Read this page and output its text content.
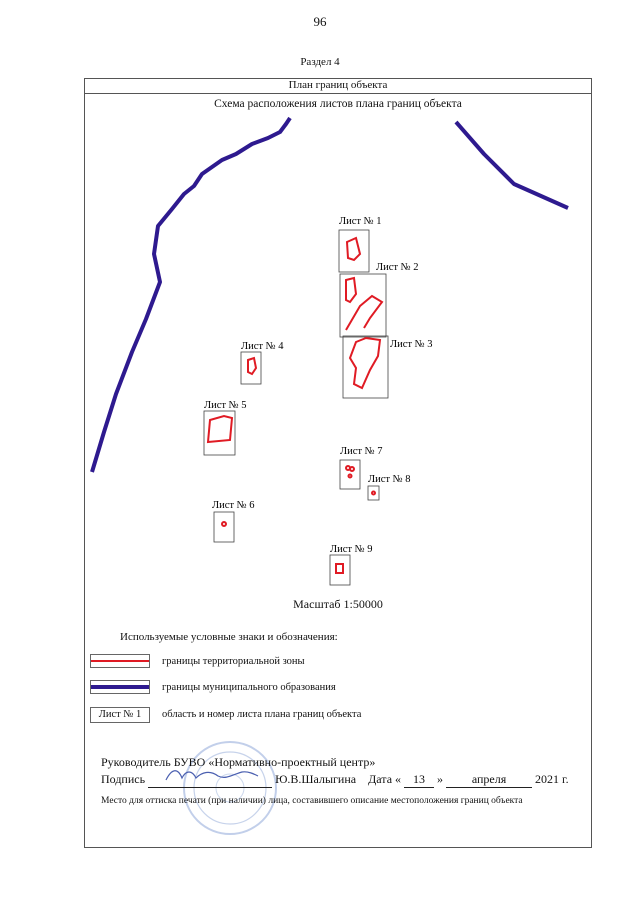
96
Раздел 4
План границ объекта
Схема расположения листов плана границ объекта
Лист № 1
Лист № 2
Лист № 3
Лист № 4
Лист № 5
Лист № 6
Лист № 7
Лист № 8
Лист № 9
Масштаб 1:50000
Используемые условные знаки и обозначения:
границы территориальной зоны
границы муниципального образования
Лист № 1	область и номер листа плана границ объекта
Руководитель БУВО «Нормативно-проектный центр»
Подпись	Ю.В.Шалыгина Дата « 13 » апреля 2021 г.
Место для оттиска печати (при наличии) лица, составившего описание местоположения границ объекта
